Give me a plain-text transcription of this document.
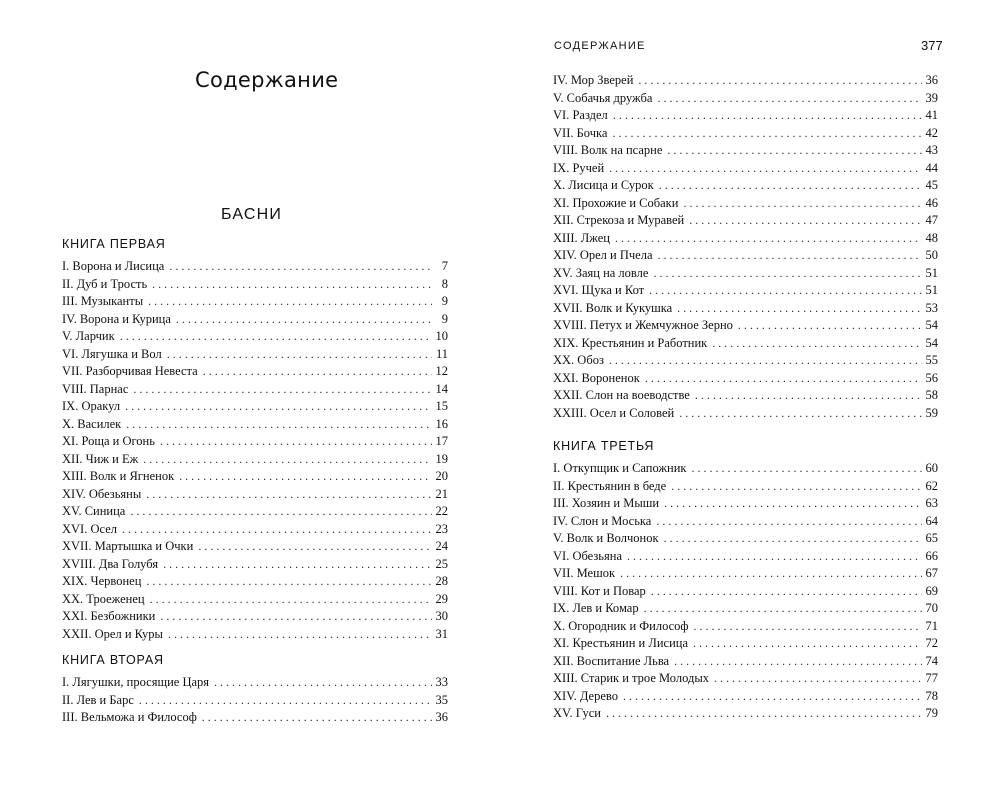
Содержание
БАСНИ
КНИГА ПЕРВАЯ
I. Ворона и Лисица . . .	7
II. Дуб и Трость . . .	8
III. Музыканты . . .	9
IV. Ворона и Курица . . .	9
V. Ларчик . . .	10
VI. Лягушка и Вол . . .	11
VII. Разборчивая Невеста . . .	12
VIII. Парнас . . .	14
IX. Оракул . . .	15
X. Василек . . .	16
XI. Роща и Огонь . . .	17
XII. Чиж и Еж . . .	19
XIII. Волк и Ягненок . . .	20
XIV. Обезьяны . . .	21
XV. Синица . . .	22
XVI. Осел . . .	23
XVII. Мартышка и Очки . . .	24
XVIII. Два Голубя . . .	25
XIX. Червонец . . .	28
XX. Троеженец . . .	29
XXI. Безбожники . . .	30
XXII. Орел и Куры . . .	31
КНИГА ВТОРАЯ
I. Лягушки, просящие Царя . . .	33
II. Лев и Барс . . .	35
III. Вельможа и Философ . . .	36
СОДЕРЖАНИЕ	377
IV. Мор Зверей . . .	36
V. Собачья дружба . . .	39
VI. Раздел . . .	41
VII. Бочка . . .	42
VIII. Волк на псарне . . .	43
IX. Ручей . . .	44
X. Лисица и Сурок . . .	45
XI. Прохожие и Собаки . . .	46
XII. Стрекоза и Муравей . . .	47
XIII. Лжец . . .	48
XIV. Орел и Пчела . . .	50
XV. Заяц на ловле . . .	51
XVI. Щука и Кот . . .	51
XVII. Волк и Кукушка . . .	53
XVIII. Петух и Жемчужное Зерно . . .	54
XIX. Крестьянин и Работник . . .	54
XX. Обоз . . .	55
XXI. Вороненок . . .	56
XXII. Слон на воеводстве . . .	58
XXIII. Осел и Соловей . . .	59
КНИГА ТРЕТЬЯ
I. Откупщик и Сапожник . . .	60
II. Крестьянин в беде . . .	62
III. Хозяин и Мыши . . .	63
IV. Слон и Моська . . .	64
V. Волк и Волчонок . . .	65
VI. Обезьяна . . .	66
VII. Мешок . . .	67
VIII. Кот и Повар . . .	69
IX. Лев и Комар . . .	70
X. Огородник и Философ . . .	71
XI. Крестьянин и Лисица . . .	72
XII. Воспитание Льва . . .	74
XIII. Старик и трое Молодых . . .	77
XIV. Дерево . . .	78
XV. Гуси . . .	79
